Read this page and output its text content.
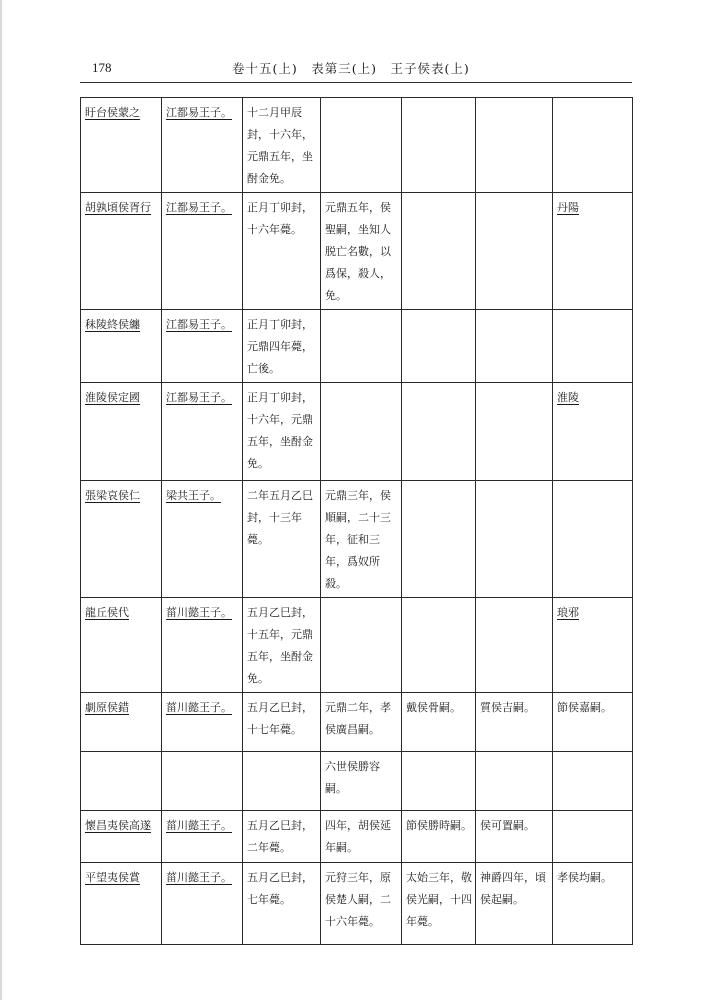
178	卷十五(上)　表第三(上)　王子侯表(上)
盱台侯蒙之	江都易王子。	十二月甲辰封，十六年，元鼎五年，坐酎金免。				
胡孰頃侯胥行	江都易王子。	正月丁卯封，十六年薨。	元鼎五年，侯聖嗣，坐知人脱亡名數，以爲保，殺人，免。			丹陽
秣陵終侯纏	江都易王子。	正月丁卯封，元鼎四年薨，亡後。				
淮陵侯定國	江都易王子。	正月丁卯封，十六年，元鼎五年，坐酎金免。				淮陵
張梁哀侯仁	梁共王子。	二年五月乙巳封，十三年薨。	元鼎三年，侯順嗣，二十三年，征和三年，爲奴所殺。			
龍丘侯代	菑川懿王子。	五月乙巳封，十五年，元鼎五年，坐酎金免。				琅邪
劇原侯錯	菑川懿王子。	五月乙巳封，十七年薨。	元鼎二年，孝侯廣昌嗣。	戴侯骨嗣。	質侯吉嗣。	節侯嘉嗣。
			六世侯勝容嗣。			
懷昌夷侯高遂	菑川懿王子。	五月乙巳封，二年薨。	四年，胡侯延年嗣。	節侯勝時嗣。	侯可置嗣。	
平望夷侯賞	菑川懿王子。	五月乙巳封，七年薨。	元狩三年，原侯楚人嗣，二十六年薨。	太始三年，敬侯光嗣，十四年薨。	神爵四年，頃侯起嗣。	孝侯均嗣。
